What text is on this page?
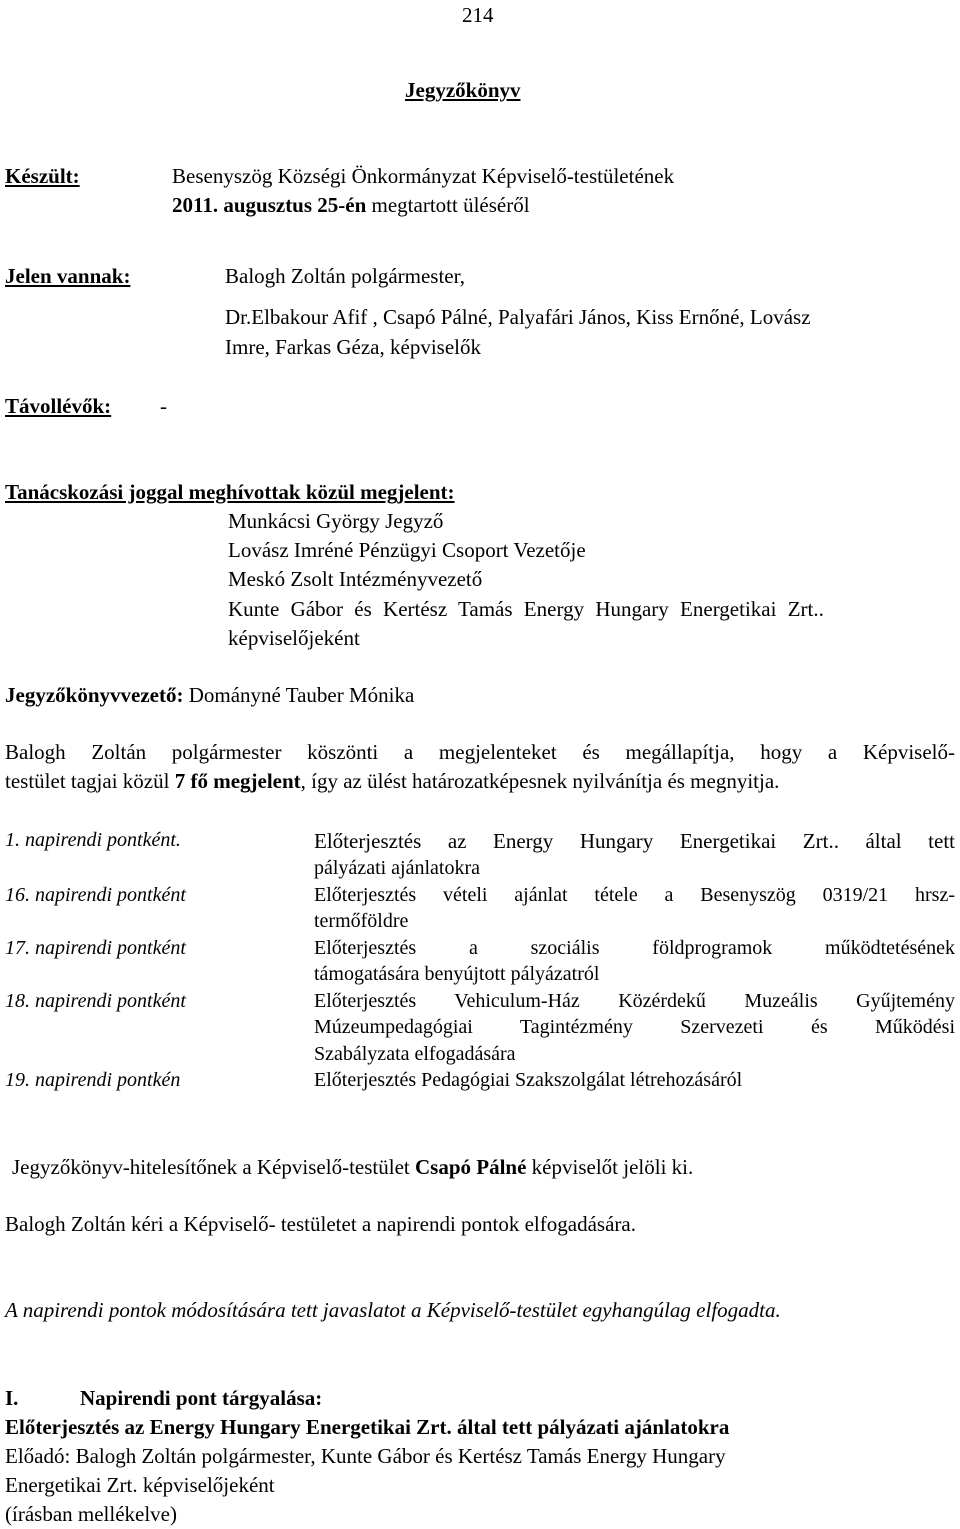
214
Jegyzőkönyv
Készült:	Besenyszög Községi Önkormányzat Képviselő-testületének
2011. augusztus 25-én megtartott üléséről
Jelen vannak:	Balogh Zoltán polgármester,
Dr.Elbakour Afif , Csapó Pálné, Palyafári János, Kiss Ernőné, Lovász
Imre, Farkas Géza, képviselők
Távollévők: -
Tanácskozási joggal meghívottak közül megjelent:
Munkácsi György Jegyző
Lovász Imréné Pénzügyi Csoport Vezetője
Meskó Zsolt Intézményvezető
Kunte Gábor és Kertész Tamás Energy Hungary Energetikai Zrt..
képviselőjeként
Jegyzőkönyvvezető: Dományné Tauber Mónika
Balogh Zoltán polgármester köszönti a megjelenteket és megállapítja, hogy a Képviselő-
testület tagjai közül 7 fő megjelent, így az ülést határozatképesnek nyilvánítja és megnyitja.
1. napirendi pontként.	Előterjesztés az Energy Hungary Energetikai Zrt.. által tett
pályázati ajánlatokra
16. napirendi pontként	Előterjesztés vételi ajánlat tétele a Besenyszög 0319/21 hrsz-
termőföldre
17. napirendi pontként	Előterjesztés a szociális földprogramok működtetésének
támogatására benyújtott pályázatról
18. napirendi pontként	Előterjesztés Vehiculum-Ház Közérdekű Muzeális Gyűjtemény
Múzeumpedagógiai Tagintézmény Szervezeti és Működési
Szabályzata elfogadására
19. napirendi pontkén	Előterjesztés Pedagógiai Szakszolgálat létrehozásáról
Jegyzőkönyv-hitelesítőnek a Képviselő-testület Csapó Pálné képviselőt jelöli ki.
Balogh Zoltán kéri a Képviselő- testületet a napirendi pontok elfogadására.
A napirendi pontok módosítására tett javaslatot a Képviselő-testület egyhangúlag elfogadta.
I.	Napirendi pont tárgyalása:
Előterjesztés az Energy Hungary Energetikai Zrt. által tett pályázati ajánlatokra
Előadó: Balogh Zoltán polgármester, Kunte Gábor és Kertész Tamás Energy Hungary
Energetikai Zrt. képviselőjeként
(írásban mellékelve)
